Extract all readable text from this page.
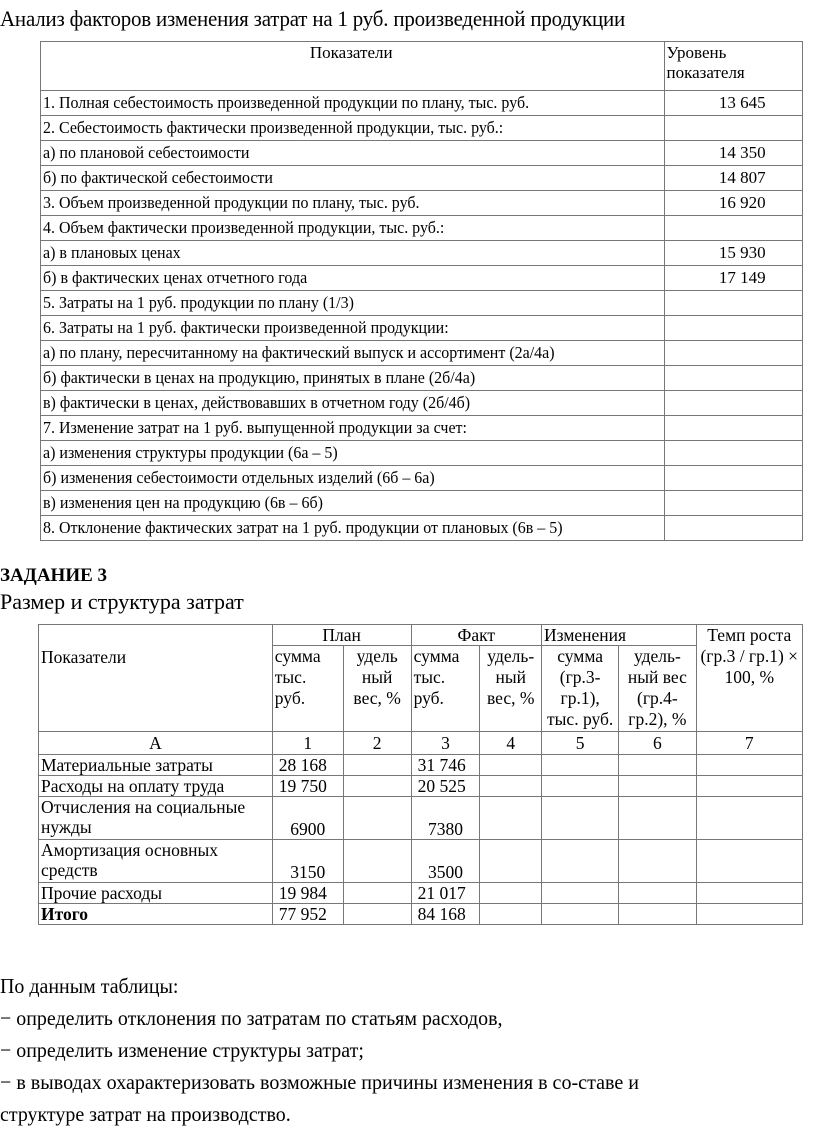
Анализ факторов изменения затрат на 1 руб. произведенной продукции
Показатели	Уровень показателя
1. Полная себестоимость произведенной продукции по плану, тыс. руб.	13 645
2. Себестоимость фактически произведенной продукции, тыс. руб.:	
а) по плановой себестоимости	14 350
б) по фактической себестоимости	14 807
3. Объем произведенной продукции по плану, тыс. руб.	16 920
4. Объем фактически произведенной продукции, тыс. руб.:	
а) в плановых ценах	15 930
б) в фактических ценах отчетного года	17 149
5. Затраты на 1 руб. продукции по плану (1/3)	
6. Затраты на 1 руб. фактически произведенной продукции:	
а) по плану, пересчитанному на фактический выпуск и ассортимент (2а/4а)	
б) фактически в ценах на продукцию, принятых в плане (2б/4а)	
в) фактически в ценах, действовавших в отчетном году (2б/4б)	
7. Изменение затрат на 1 руб. выпущенной продукции за счет:	
а) изменения структуры продукции (6а – 5)	
б) изменения себестоимости отдельных изделий (6б – 6а)	
в) изменения цен на продукцию (6в – 6б)	
8. Отклонение фактических затрат на 1 руб. продукции от плановых (6в – 5)	
ЗАДАНИЕ 3
Размер и структура затрат
Показатели	План		Факт		Изменения		Темп роста (гр.3 / гр.1) × 100, %
	сумма тыс. руб.	удель ный вес, %	сумма тыс. руб.	удель-ный вес, %	сумма (гр.3-гр.1), тыс. руб.	удель-ный вес (гр.4-гр.2), %	
А	1	2	3	4	5	6	7
Материальные затраты	28 168		31 746				
Расходы на оплату труда	19 750		20 525				
Отчисления на социальные нужды	6900		7380				
Амортизация основных средств	3150		3500				
Прочие расходы	19 984		21 017				
Итого	77 952		84 168				

По данным таблицы:

− определить отклонения по затратам по статьям расходов,

− определить изменение структуры затрат;

− в выводах охарактеризовать возможные причины изменения в со-ставе и

структуре затрат на производство.
